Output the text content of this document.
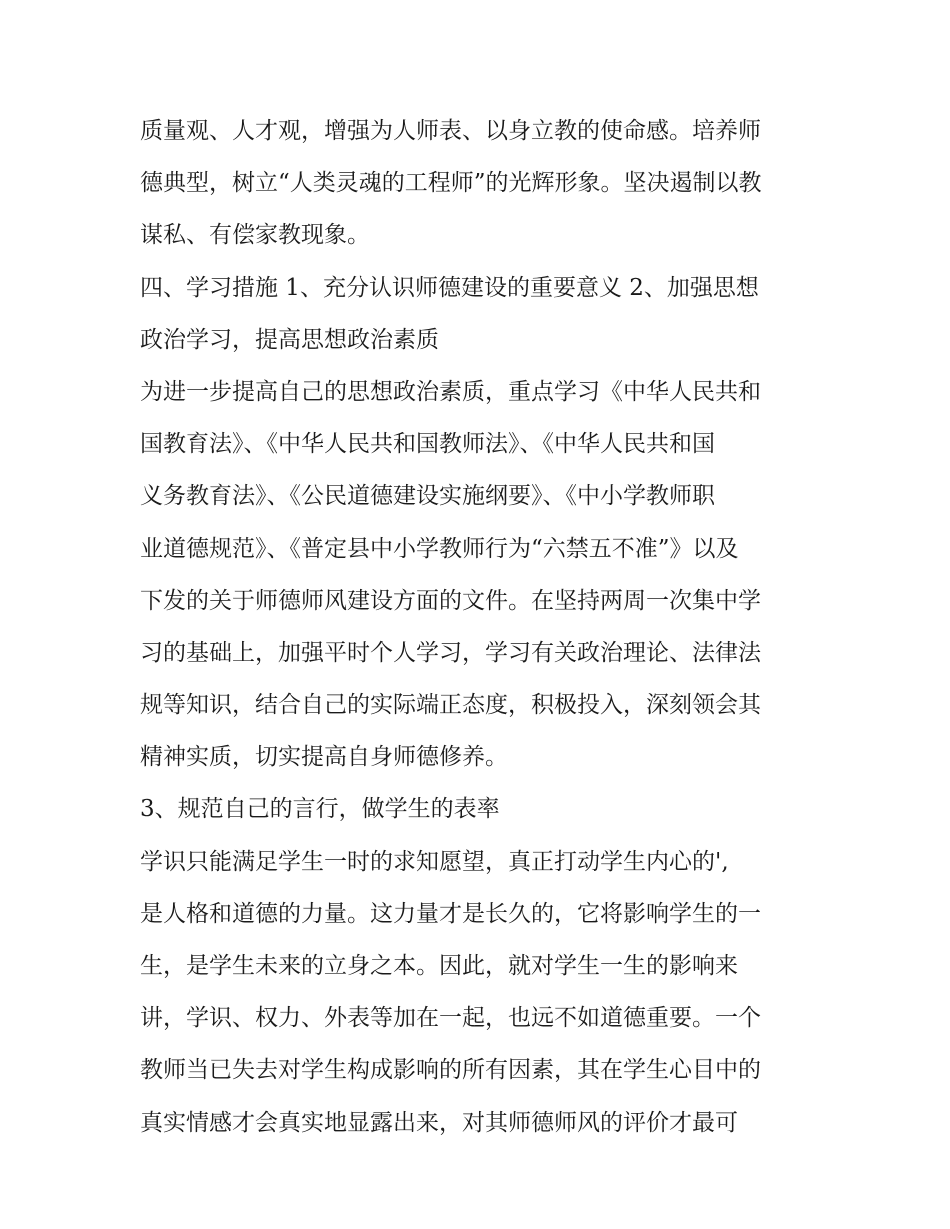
质量观、人才观，增强为人师表、以身立教的使命感。培养师
德典型，树立“人类灵魂的工程师”的光辉形象。坚决遏制以教
谋私、有偿家教现象。
四、学习措施 1、充分认识师德建设的重要意义 2、加强思想
政治学习，提高思想政治素质
为进一步提高自己的思想政治素质，重点学习《中华人民共和
国教育法》、《中华人民共和国教师法》、《中华人民共和国
义务教育法》、《公民道德建设实施纲要》、《中小学教师职
业道德规范》、《普定县中小学教师行为“六禁五不准”》以及
下发的关于师德师风建设方面的文件。在坚持两周一次集中学
习的基础上，加强平时个人学习，学习有关政治理论、法律法
规等知识，结合自己的实际端正态度，积极投入，深刻领会其
精神实质，切实提高自身师德修养。
3、规范自己的言行，做学生的表率
学识只能满足学生一时的求知愿望，真正打动学生内心的',
是人格和道德的力量。这力量才是长久的，它将影响学生的一
生，是学生未来的立身之本。因此，就对学生一生的影响来
讲，学识、权力、外表等加在一起，也远不如道德重要。一个
教师当已失去对学生构成影响的所有因素，其在学生心目中的
真实情感才会真实地显露出来，对其师德师风的评价才最可
